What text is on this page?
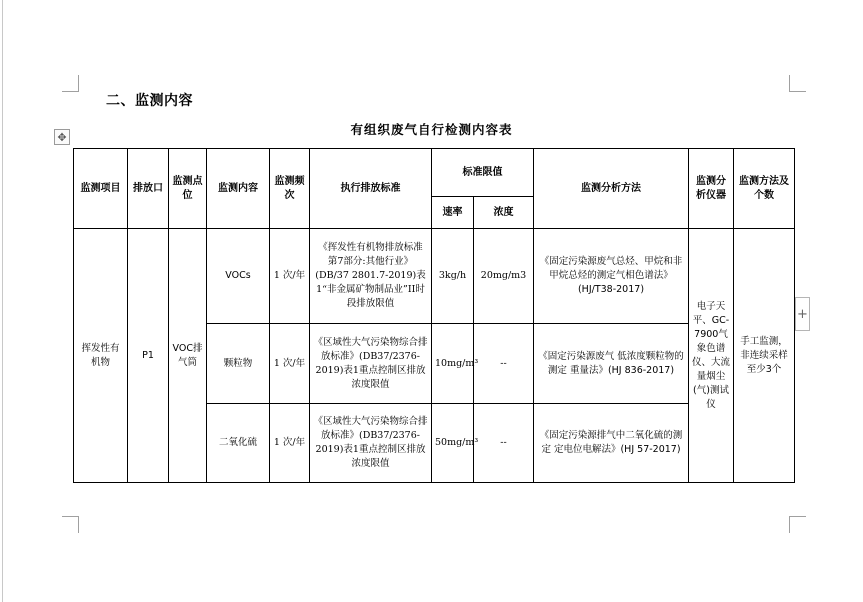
二、监测内容
✥
有组织废气自行检测内容表
监测项目	排放口	监测点位	监测内容	监测频次	执行排放标准	标准限值		监测分析方法	监测分析仪器	监测方法及个数
						速率	浓度			
挥发性有机物	P1	VOC排气筒	VOCs	1 次/年	《挥发性有机物排放标准 第7部分:其他行业》(DB/37 2801.7-2019)表1“非金属矿物制品业”II时段排放限值	3kg/h	20mg/m3	《固定污染源废气总烃、甲烷和非甲烷总烃的测定气相色谱法》(HJ/T38-2017)	电子天平、GC-7900气象色谱仪、大流量烟尘(气)测试仪	手工监测，非连续采样至少3个
			颗粒物	1 次/年	《区域性大气污染物综合排放标准》(DB37/2376-2019)表1重点控制区排放浓度限值	10mg/m³	--	《固定污染源废气 低浓度颗粒物的测定 重量法》(HJ 836-2017)		
			二氧化硫	1 次/年	《区域性大气污染物综合排放标准》(DB37/2376-2019)表1重点控制区排放浓度限值	50mg/m³	--	《固定污染源排气中二氧化硫的测定 定电位电解法》(HJ 57-2017)		
+
